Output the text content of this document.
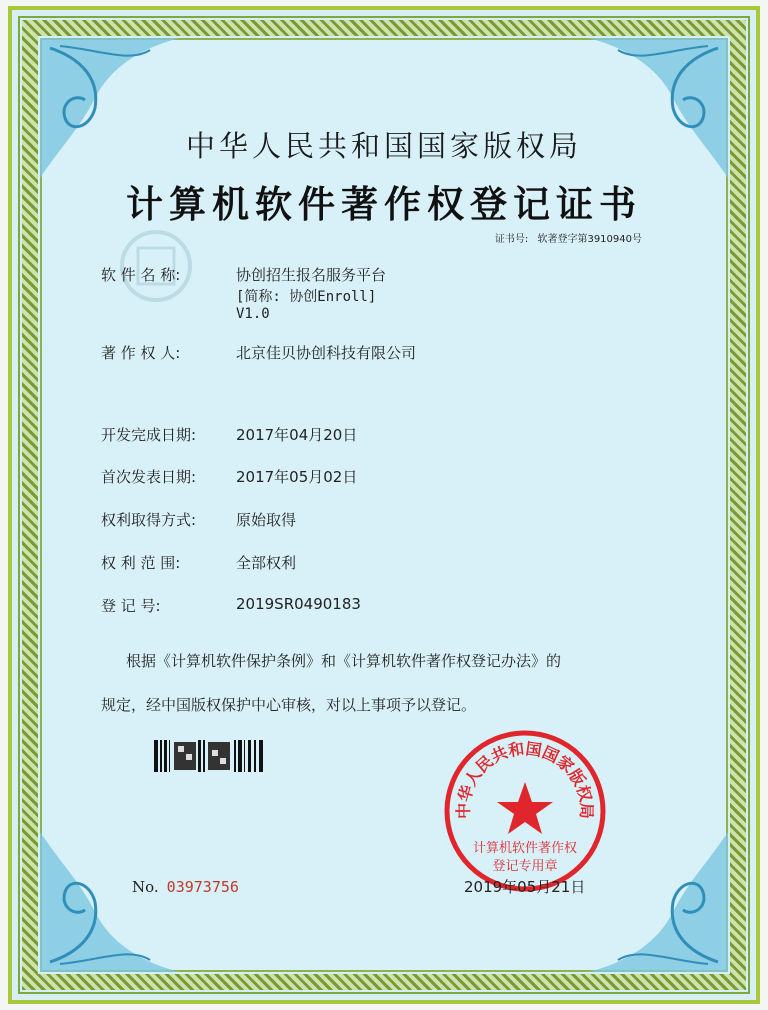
中华人民共和国国家版权局
计算机软件著作权登记证书
证书号: 软著登字第3910940号
软 件 名 称:	协创招生报名服务平台
[简称: 协创Enroll]
V1.0
著 作 权 人:	北京佳贝协创科技有限公司
开发完成日期:	2017年04月20日
首次发表日期:	2017年05月02日
权利取得方式:	原始取得
权 利 范 围:	全部权利
登 记 号:	2019SR0490183
根据《计算机软件保护条例》和《计算机软件著作权登记办法》的
规定，经中国版权保护中心审核，对以上事项予以登记。
No. 03973756
中华人民共和国国家版权局
计算机软件著作权
登记专用章
2019年05月21日
